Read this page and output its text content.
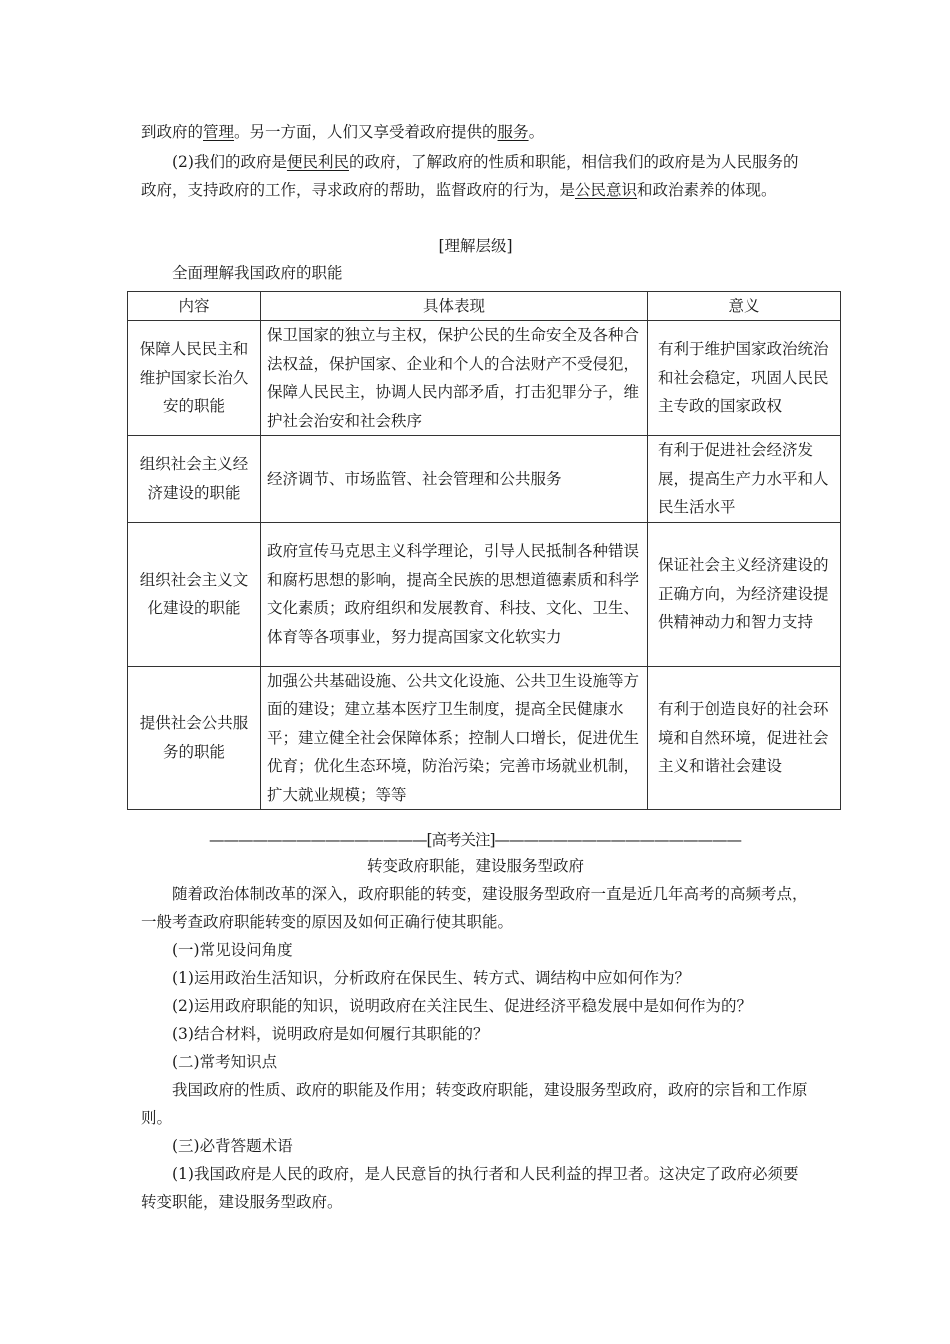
到政府的管理。另一方面，人们又享受着政府提供的服务。

(2)我们的政府是便民利民的政府，了解政府的性质和职能，相信我们的政府是为人民服务的政府，支持政府的工作，寻求政府的帮助，监督政府的行为，是公民意识和政治素养的体现。

[理解层级]

全面理解我国政府的职能

内容	具体表现	意义
保障人民民主和维护国家长治久安的职能	保卫国家的独立与主权，保护公民的生命安全及各种合法权益，保护国家、企业和个人的合法财产不受侵犯，保障人民民主，协调人民内部矛盾，打击犯罪分子，维护社会治安和社会秩序	有利于维护国家政治统治和社会稳定，巩固人民民主专政的国家政权
组织社会主义经济建设的职能	经济调节、市场监管、社会管理和公共服务	有利于促进社会经济发展，提高生产力水平和人民生活水平
组织社会主义文化建设的职能	政府宣传马克思主义科学理论，引导人民抵制各种错误和腐朽思想的影响，提高全民族的思想道德素质和科学文化素质；政府组织和发展教育、科技、文化、卫生、体育等各项事业，努力提高国家文化软实力	保证社会主义经济建设的正确方向，为经济建设提供精神动力和智力支持
提供社会公共服务的职能	加强公共基础设施、公共文化设施、公共卫生设施等方面的建设；建立基本医疗卫生制度，提高全民健康水平；建立健全社会保障体系；控制人口增长，促进优生优育；优化生态环境，防治污染；完善市场就业机制，扩大就业规模；等等	有利于创造良好的社会环境和自然环境，促进社会主义和谐社会建设
———————————————[高考关注]—————————————————

转变政府职能，建设服务型政府

随着政治体制改革的深入，政府职能的转变，建设服务型政府一直是近几年高考的高频考点，一般考查政府职能转变的原因及如何正确行使其职能。

(一)常见设问角度

(1)运用政治生活知识，分析政府在保民生、转方式、调结构中应如何作为？

(2)运用政府职能的知识，说明政府在关注民生、促进经济平稳发展中是如何作为的？

(3)结合材料，说明政府是如何履行其职能的？

(二)常考知识点

我国政府的性质、政府的职能及作用；转变政府职能，建设服务型政府，政府的宗旨和工作原则。

(三)必背答题术语

(1)我国政府是人民的政府，是人民意旨的执行者和人民利益的捍卫者。这决定了政府必须要转变职能，建设服务型政府。
